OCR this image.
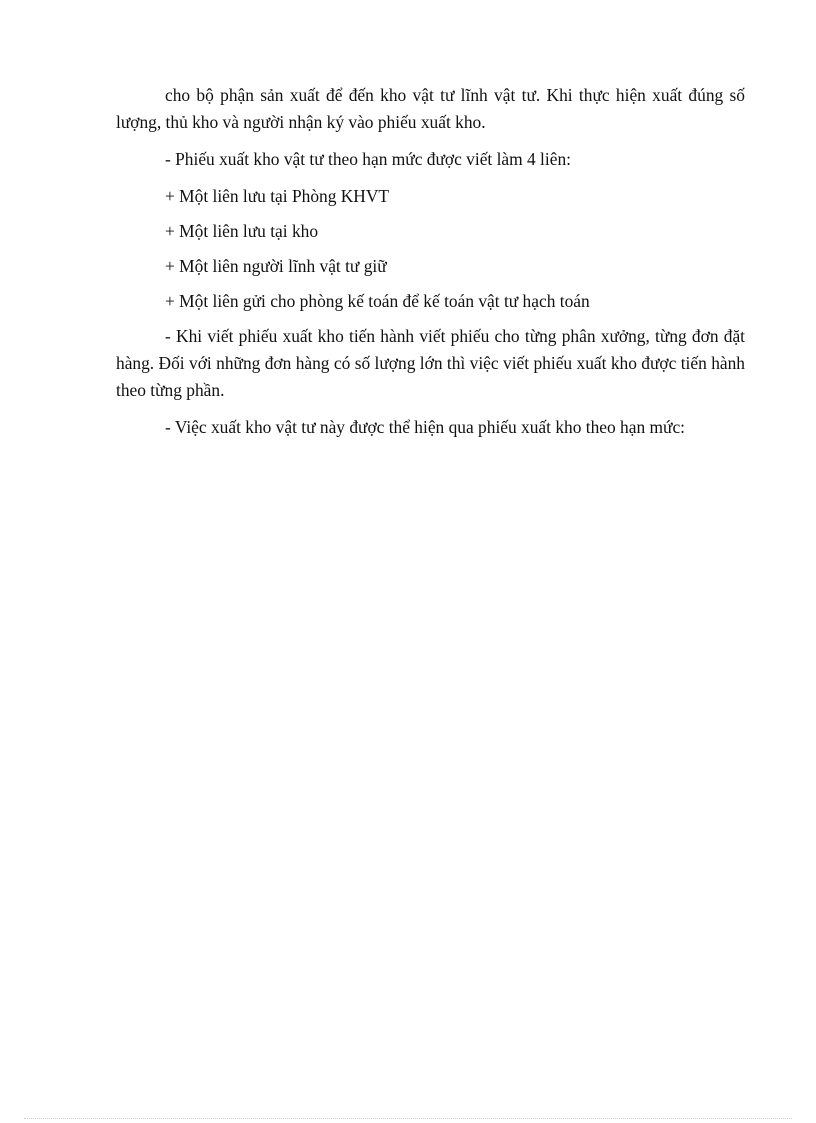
cho bộ phận sản xuất để đến kho vật tư lĩnh vật tư. Khi thực hiện xuất đúng số lượng, thủ kho và người nhận ký vào phiếu xuất kho.

- Phiếu xuất kho vật tư theo hạn mức được viết làm 4 liên:

+ Một liên lưu tại Phòng KHVT

+ Một liên lưu tại kho

+ Một liên người lĩnh vật tư giữ

+ Một liên gửi cho phòng kế toán để kế toán vật tư hạch toán

- Khi viết phiếu xuất kho tiến hành viết phiếu cho từng phân xưởng, từng đơn đặt hàng. Đối với những đơn hàng có số lượng lớn thì việc viết phiếu xuất kho được tiến hành theo từng phần.

- Việc xuất kho vật tư này được thể hiện qua phiếu xuất kho theo hạn mức:
